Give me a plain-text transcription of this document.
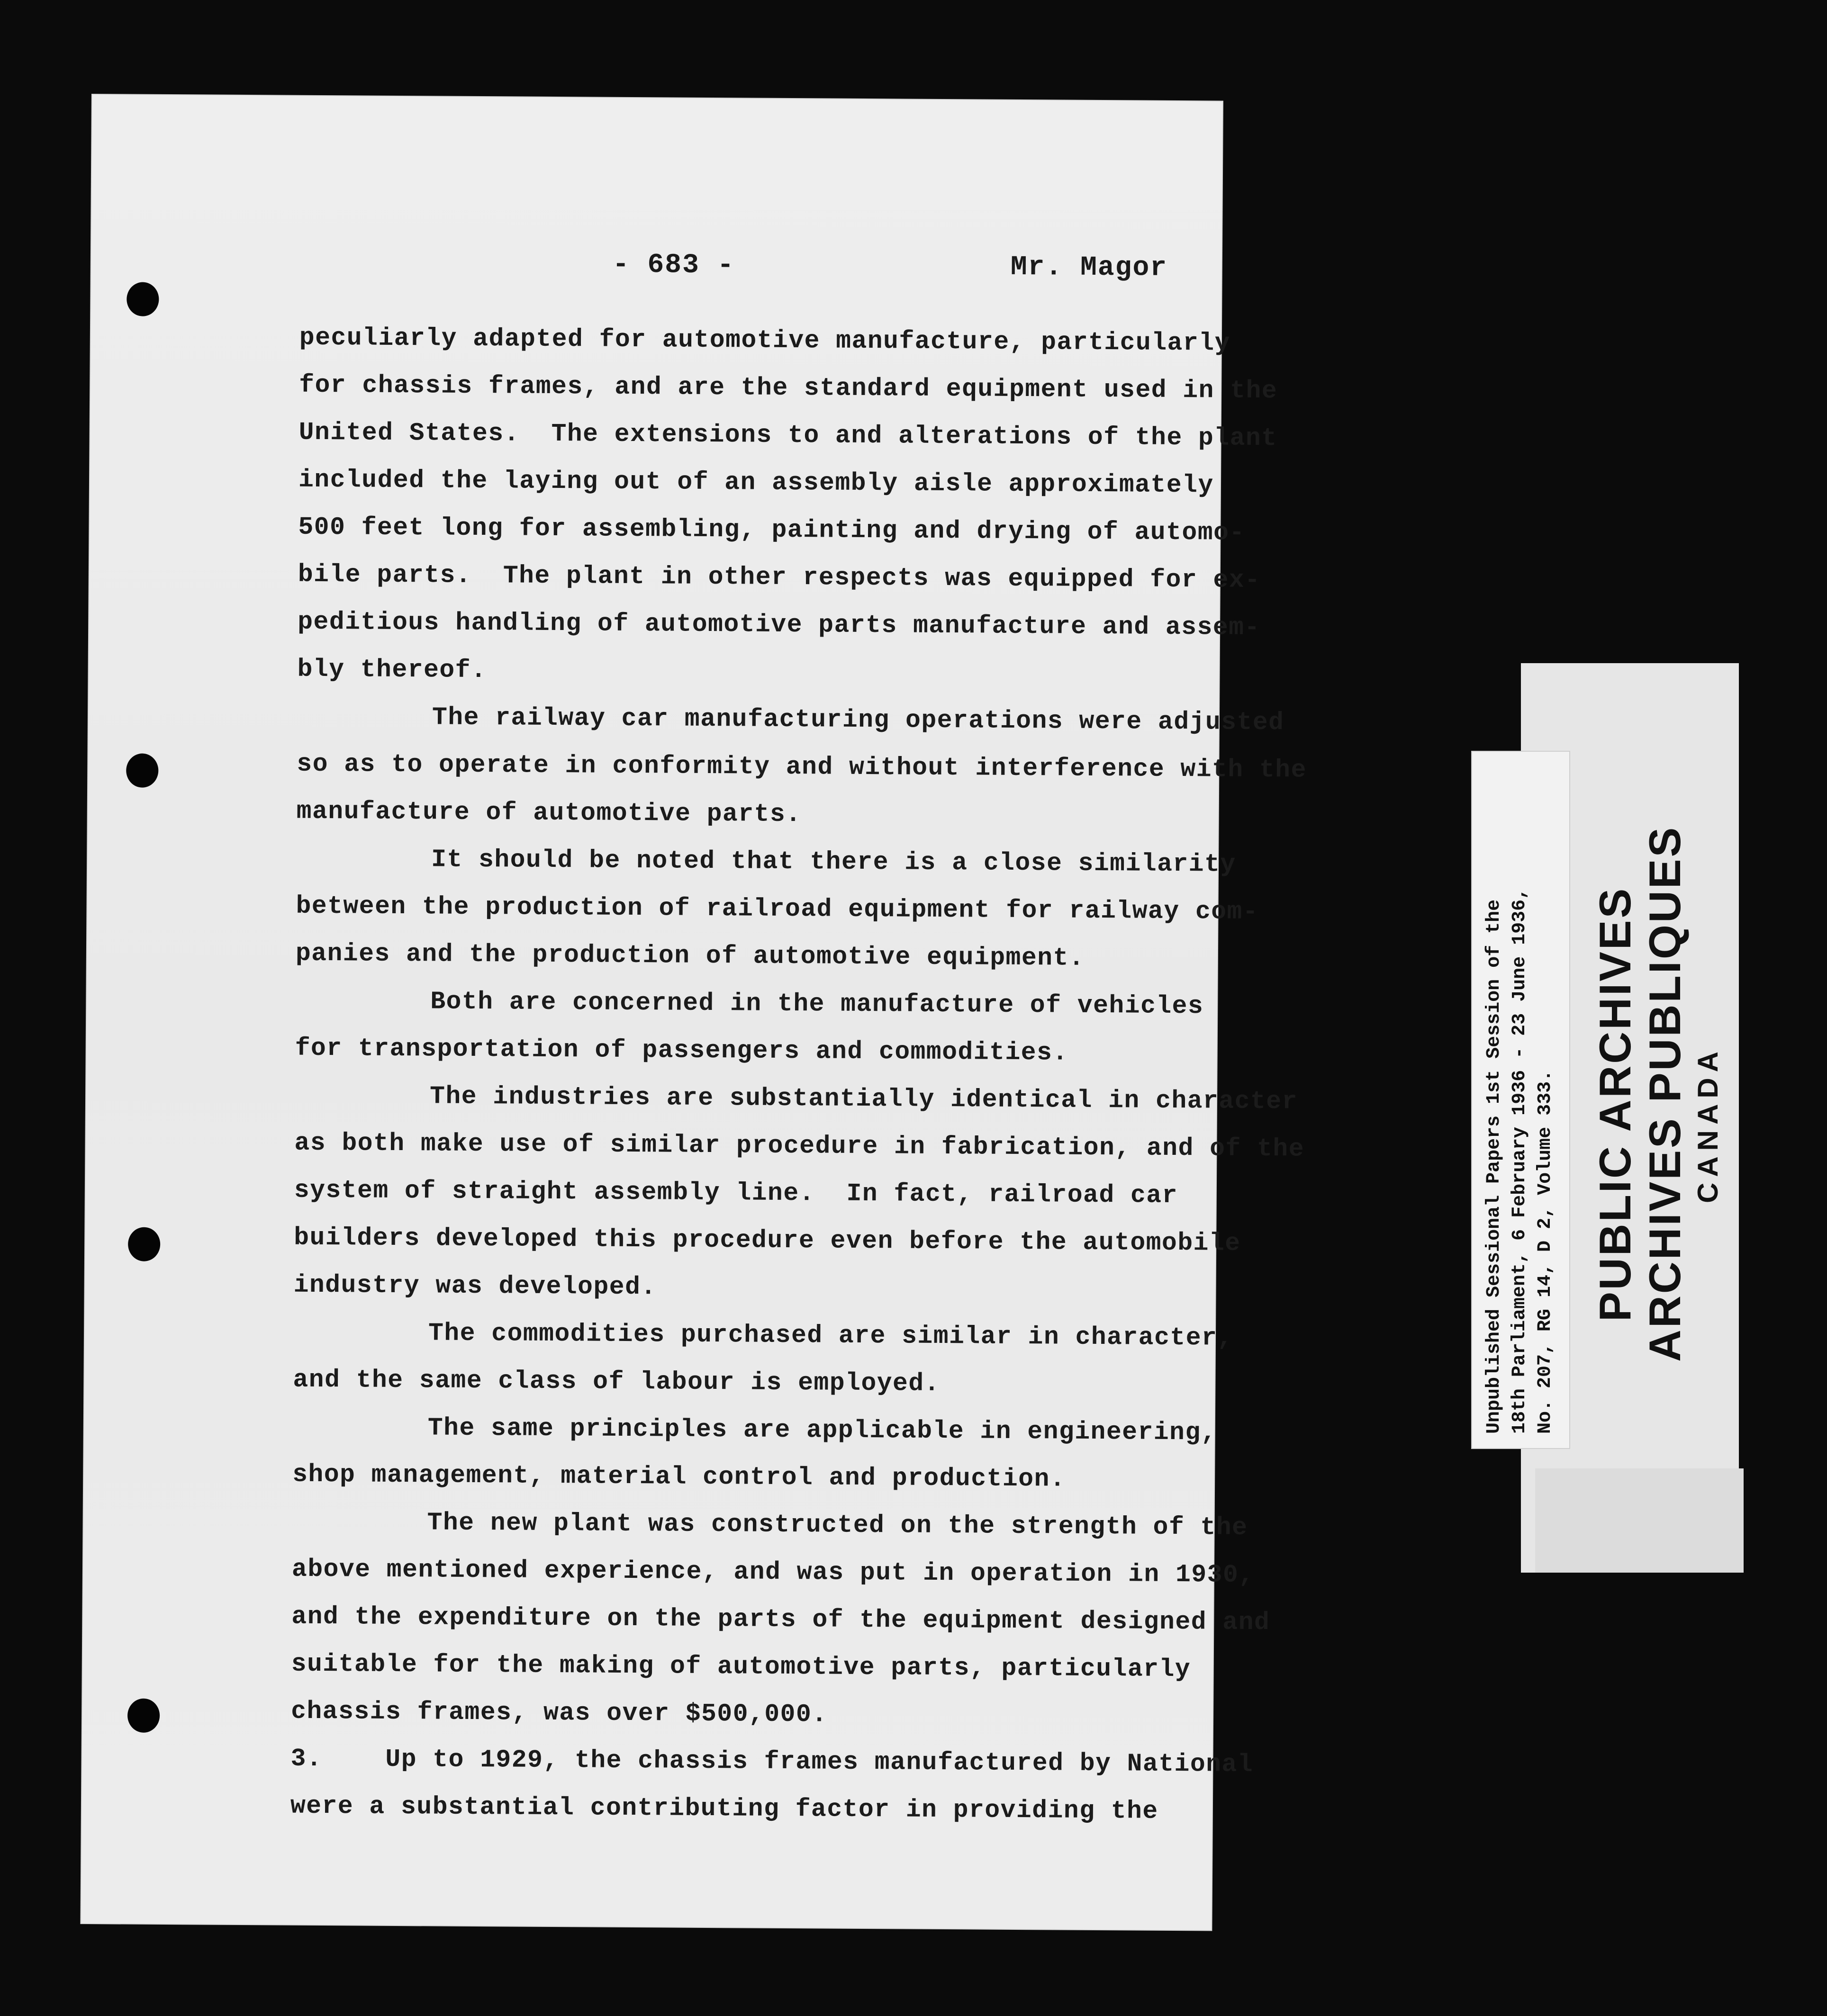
- 683 -	Mr. Magor
peculiarly adapted for automotive manufacture, particularly
for chassis frames, and are the standard equipment used in the
United States.  The extensions to and alterations of the plant
included the laying out of an assembly aisle approximately
500 feet long for assembling, painting and drying of automo-
bile parts.  The plant in other respects was equipped for ex-
peditious handling of automotive parts manufacture and assem-
bly thereof.
The railway car manufacturing operations were adjusted
so as to operate in conformity and without interference with the
manufacture of automotive parts.
It should be noted that there is a close similarity
between the production of railroad equipment for railway com-
panies and the production of automotive equipment.
Both are concerned in the manufacture of vehicles
for transportation of passengers and commodities.
The industries are substantially identical in character
as both make use of similar procedure in fabrication, and of the
system of straight assembly line.  In fact, railroad car
builders developed this procedure even before the automobile
industry was developed.
The commodities purchased are similar in character,
and the same class of labour is employed.
The same principles are applicable in engineering,
shop management, material control and production.
The new plant was constructed on the strength of the
above mentioned experience, and was put in operation in 1930,
and the expenditure on the parts of the equipment designed and
suitable for the making of automotive parts, particularly
chassis frames, was over $500,000.
3.    Up to 1929, the chassis frames manufactured by National
were a substantial contributing factor in providing the
Unpublished Sessional Papers 1st Session of the 18th Parliament, 6 February 1936 - 23 June 1936, No. 207, RG 14, D 2, Volume 333. PUBLIC ARCHIVES ARCHIVES PUBLIQUES CANADA
